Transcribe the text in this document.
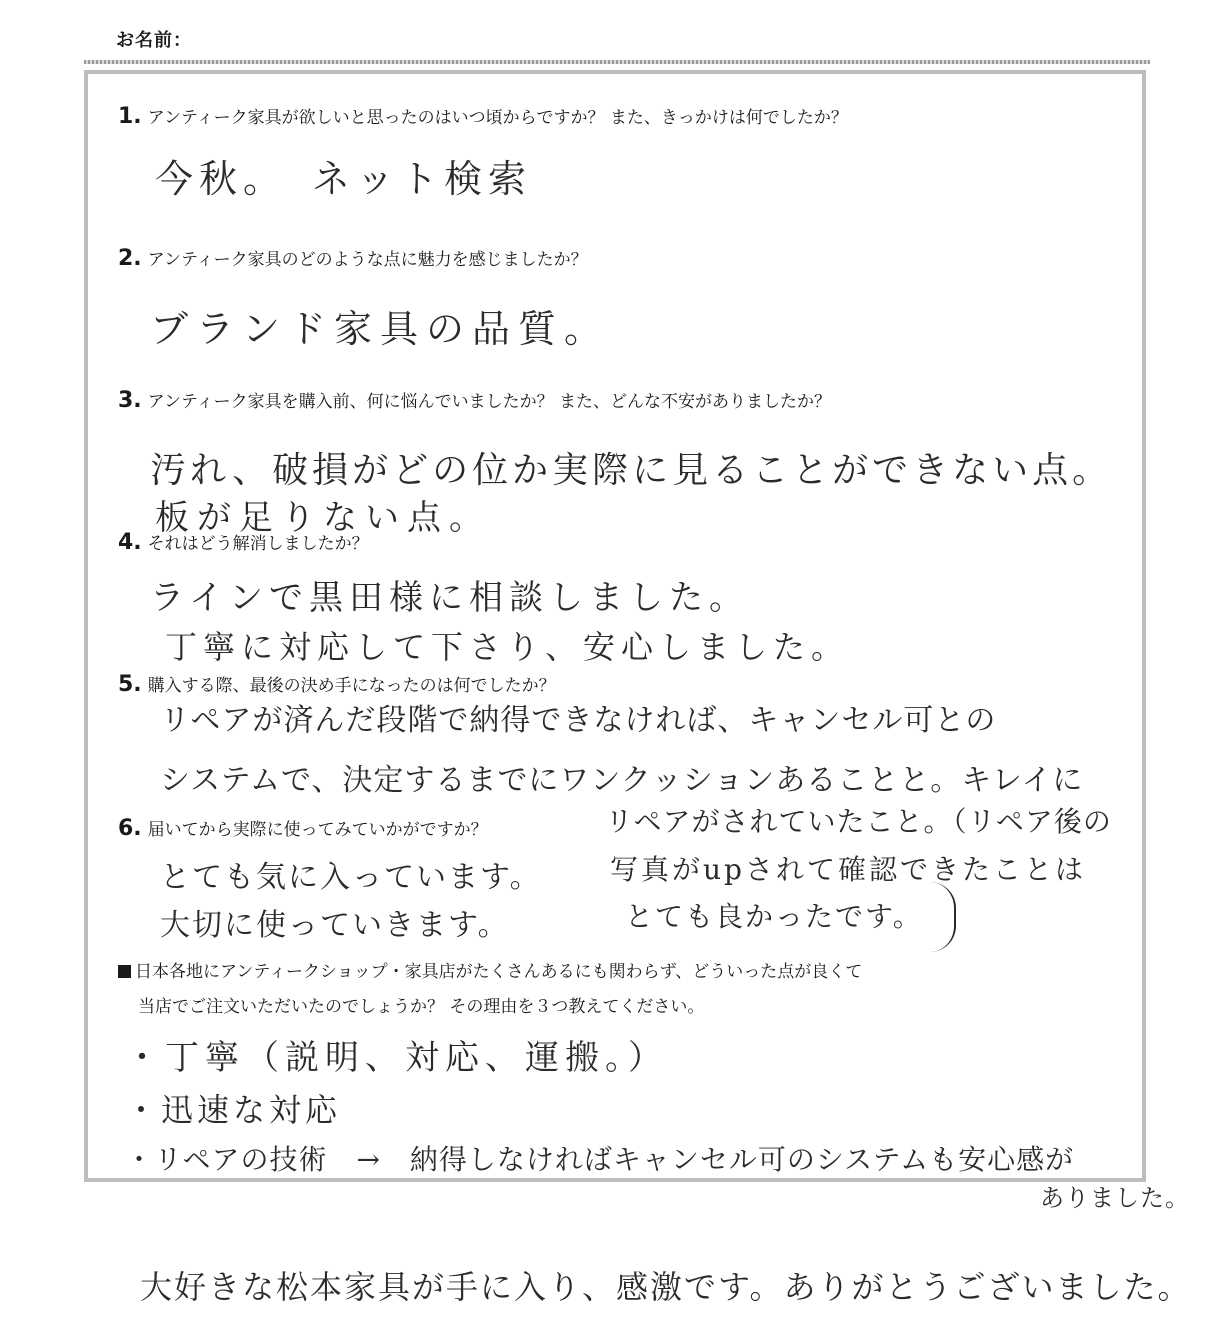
お名前：
1. アンティーク家具が欲しいと思ったのはいつ頃からですか？ また、きっかけは何でしたか？
今秋。　ネット検索
2. アンティーク家具のどのような点に魅力を感じましたか？
ブランド家具の品質。
3. アンティーク家具を購入前、何に悩んでいましたか？ また、どんな不安がありましたか？
汚れ、破損がどの位か実際に見ることができない点。
板が足りない点。
4. それはどう解消しましたか？
ラインで黒田様に相談しました。
丁寧に対応して下さり、安心しました。
5. 購入する際、最後の決め手になったのは何でしたか？
リペアが済んだ段階で納得できなければ、キャンセル可との
システムで、決定するまでにワンクッションあることと。キレイに
6. 届いてから実際に使ってみていかがですか？	リペアがされていたこと。（リペア後の
写真がupされて確認できたことは
とても良かったです。
とても気に入っています。
大切に使っていきます。
日本各地にアンティークショップ・家具店がたくさんあるにも関わらず、どういった点が良くて
当店でご注文いただいたのでしょうか？ その理由を３つ教えてください。
・丁寧（説明、対応、運搬。）
・迅速な対応
・リペアの技術　→　納得しなければキャンセル可のシステムも安心感が
ありました。
大好きな松本家具が手に入り、感激です。ありがとうございました。
